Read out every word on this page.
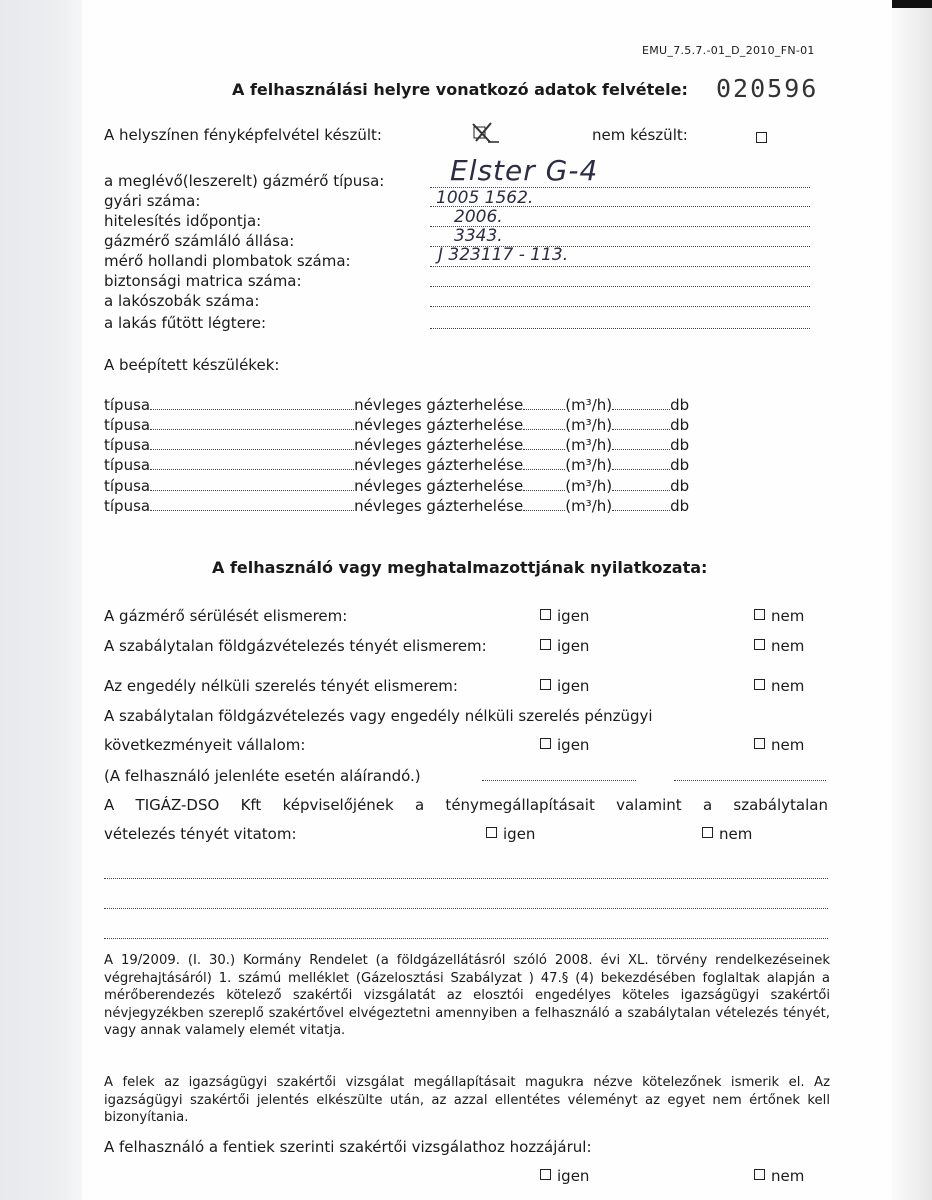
EMU_7.5.7.-01_D_2010_FN-01
A felhasználási helyre vonatkozó adatok felvétele: 020596
A helyszínen fényképfelvétel készült:	nem készült:
a meglévő(leszerelt) gázmérő típusa: Elster G-4
gyári száma:	1005 1562.
hitelesítés időpontja:	2006.
gázmérő számláló állása:	3343.
mérő hollandi plombatok száma:	J 323117 - 113.
biztonsági matrica száma:
a lakószobák száma:
a lakás fűtött légtere:
A beépített készülékek:
típusa	névleges gázterhelése	(m³/h)	db
típusa	névleges gázterhelése	(m³/h)	db
típusa	névleges gázterhelése	(m³/h)	db
típusa	névleges gázterhelése	(m³/h)	db
típusa	névleges gázterhelése	(m³/h)	db
típusa	névleges gázterhelése	(m³/h)	db
A felhasználó vagy meghatalmazottjának nyilatkozata:
A gázmérő sérülését elismerem:	igen	nem
A szabálytalan földgázvételezés tényét elismerem:	igen	nem
Az engedély nélküli szerelés tényét elismerem:	igen	nem
A szabálytalan földgázvételezés vagy engedély nélküli szerelés pénzügyi
következményeit vállalom:	igen	nem
(A felhasználó jelenléte esetén aláírandó.)
A TIGÁZ-DSO Kft képviselőjének a ténymegállapításait valamint a szabálytalan
vételezés tényét vitatom:	igen	nem
A 19/2009. (I. 30.) Kormány Rendelet (a földgázellátásról szóló 2008. évi XL. törvény rendelkezéseinek végrehajtásáról) 1. számú melléklet (Gázelosztási Szabályzat ) 47.§ (4) bekezdésében foglaltak alapján a mérőberendezés kötelező szakértői vizsgálatát az elosztói engedélyes köteles igazságügyi szakértői névjegyzékben szereplő szakértővel elvégeztetni amennyiben a felhasználó a szabálytalan vételezés tényét, vagy annak valamely elemét vitatja.
A felek az igazságügyi szakértői vizsgálat megállapításait magukra nézve kötelezőnek ismerik el. Az igazságügyi szakértői jelentés elkészülte után, az azzal ellentétes véleményt az egyet nem értőnek kell bizonyítania.
A felhasználó a fentiek szerinti szakértői vizsgálathoz hozzájárul:
igen	nem
